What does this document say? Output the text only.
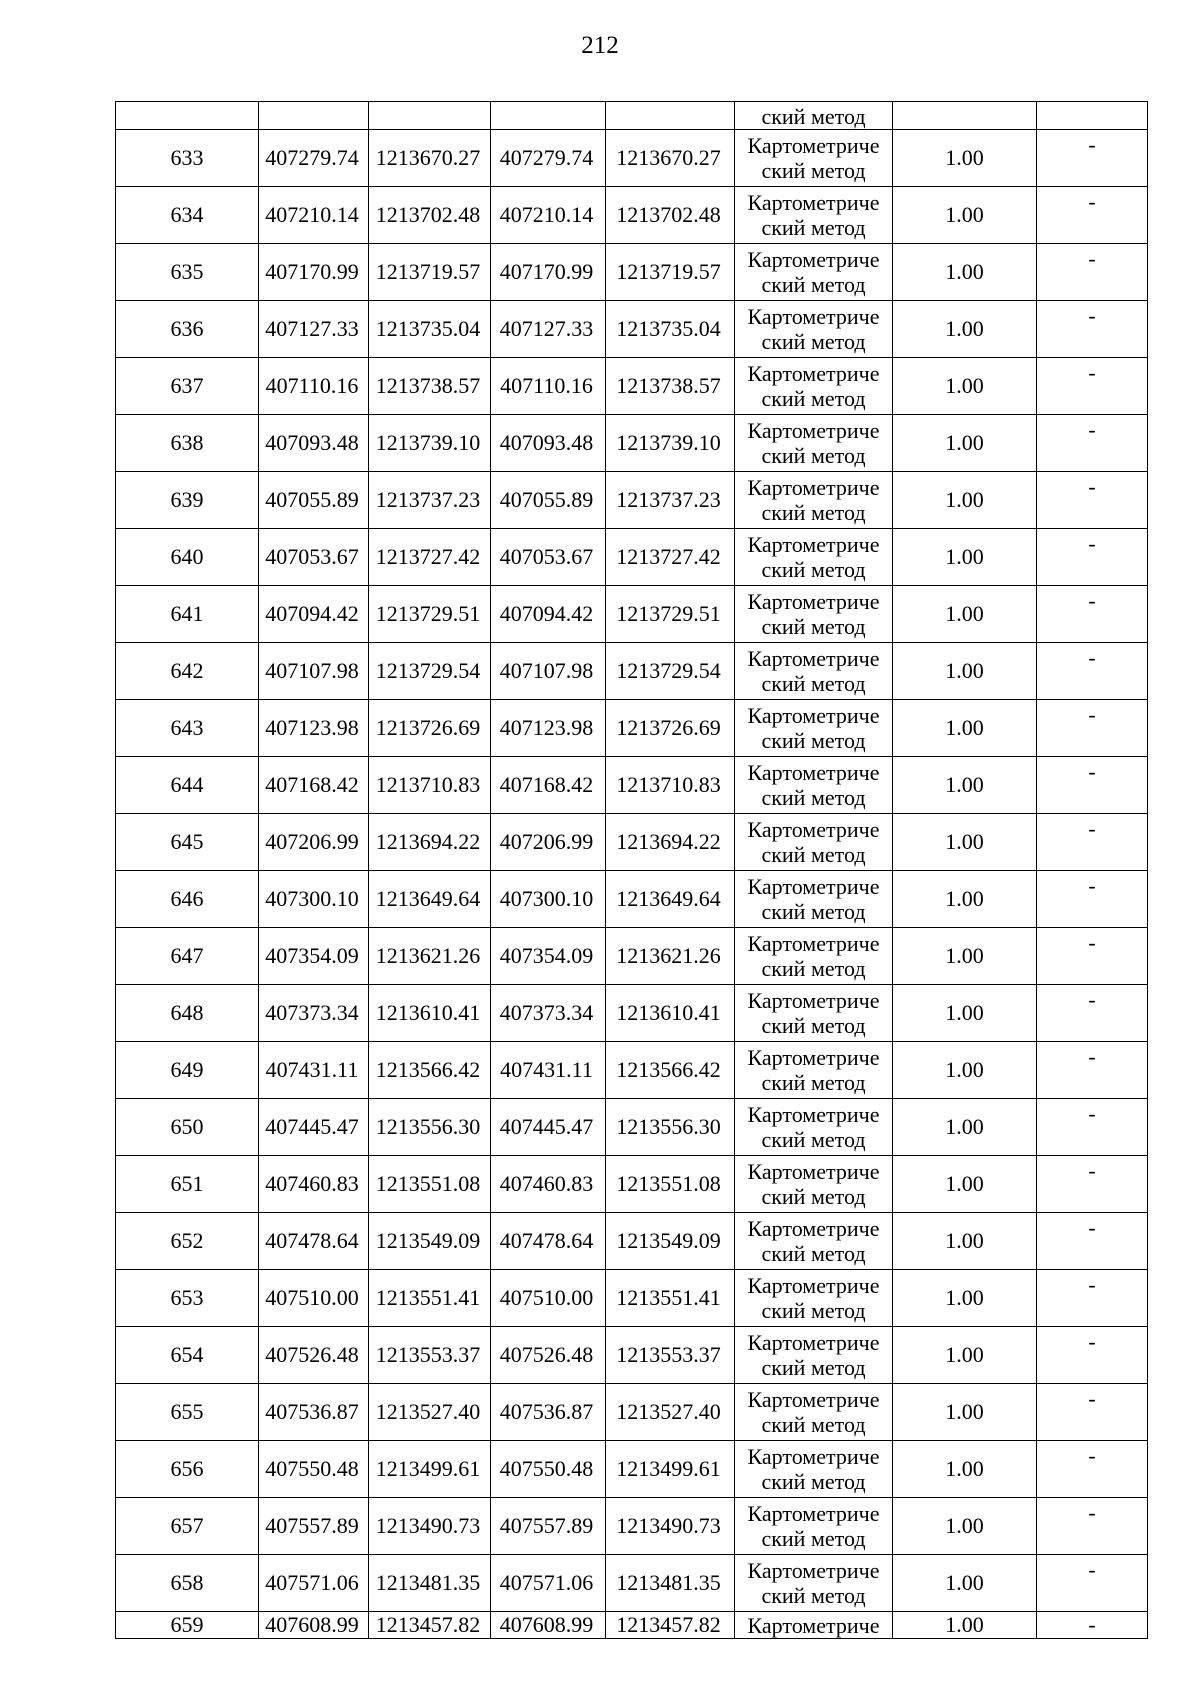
212
					ский метод		
633	407279.74	1213670.27	407279.74	1213670.27	Картометриче
ский метод	1.00	-
634	407210.14	1213702.48	407210.14	1213702.48	Картометриче
ский метод	1.00	-
635	407170.99	1213719.57	407170.99	1213719.57	Картометриче
ский метод	1.00	-
636	407127.33	1213735.04	407127.33	1213735.04	Картометриче
ский метод	1.00	-
637	407110.16	1213738.57	407110.16	1213738.57	Картометриче
ский метод	1.00	-
638	407093.48	1213739.10	407093.48	1213739.10	Картометриче
ский метод	1.00	-
639	407055.89	1213737.23	407055.89	1213737.23	Картометриче
ский метод	1.00	-
640	407053.67	1213727.42	407053.67	1213727.42	Картометриче
ский метод	1.00	-
641	407094.42	1213729.51	407094.42	1213729.51	Картометриче
ский метод	1.00	-
642	407107.98	1213729.54	407107.98	1213729.54	Картометриче
ский метод	1.00	-
643	407123.98	1213726.69	407123.98	1213726.69	Картометриче
ский метод	1.00	-
644	407168.42	1213710.83	407168.42	1213710.83	Картометриче
ский метод	1.00	-
645	407206.99	1213694.22	407206.99	1213694.22	Картометриче
ский метод	1.00	-
646	407300.10	1213649.64	407300.10	1213649.64	Картометриче
ский метод	1.00	-
647	407354.09	1213621.26	407354.09	1213621.26	Картометриче
ский метод	1.00	-
648	407373.34	1213610.41	407373.34	1213610.41	Картометриче
ский метод	1.00	-
649	407431.11	1213566.42	407431.11	1213566.42	Картометриче
ский метод	1.00	-
650	407445.47	1213556.30	407445.47	1213556.30	Картометриче
ский метод	1.00	-
651	407460.83	1213551.08	407460.83	1213551.08	Картометриче
ский метод	1.00	-
652	407478.64	1213549.09	407478.64	1213549.09	Картометриче
ский метод	1.00	-
653	407510.00	1213551.41	407510.00	1213551.41	Картометриче
ский метод	1.00	-
654	407526.48	1213553.37	407526.48	1213553.37	Картометриче
ский метод	1.00	-
655	407536.87	1213527.40	407536.87	1213527.40	Картометриче
ский метод	1.00	-
656	407550.48	1213499.61	407550.48	1213499.61	Картометриче
ский метод	1.00	-
657	407557.89	1213490.73	407557.89	1213490.73	Картометриче
ский метод	1.00	-
658	407571.06	1213481.35	407571.06	1213481.35	Картометриче
ский метод	1.00	-
659	407608.99	1213457.82	407608.99	1213457.82	Картометриче	1.00	-
